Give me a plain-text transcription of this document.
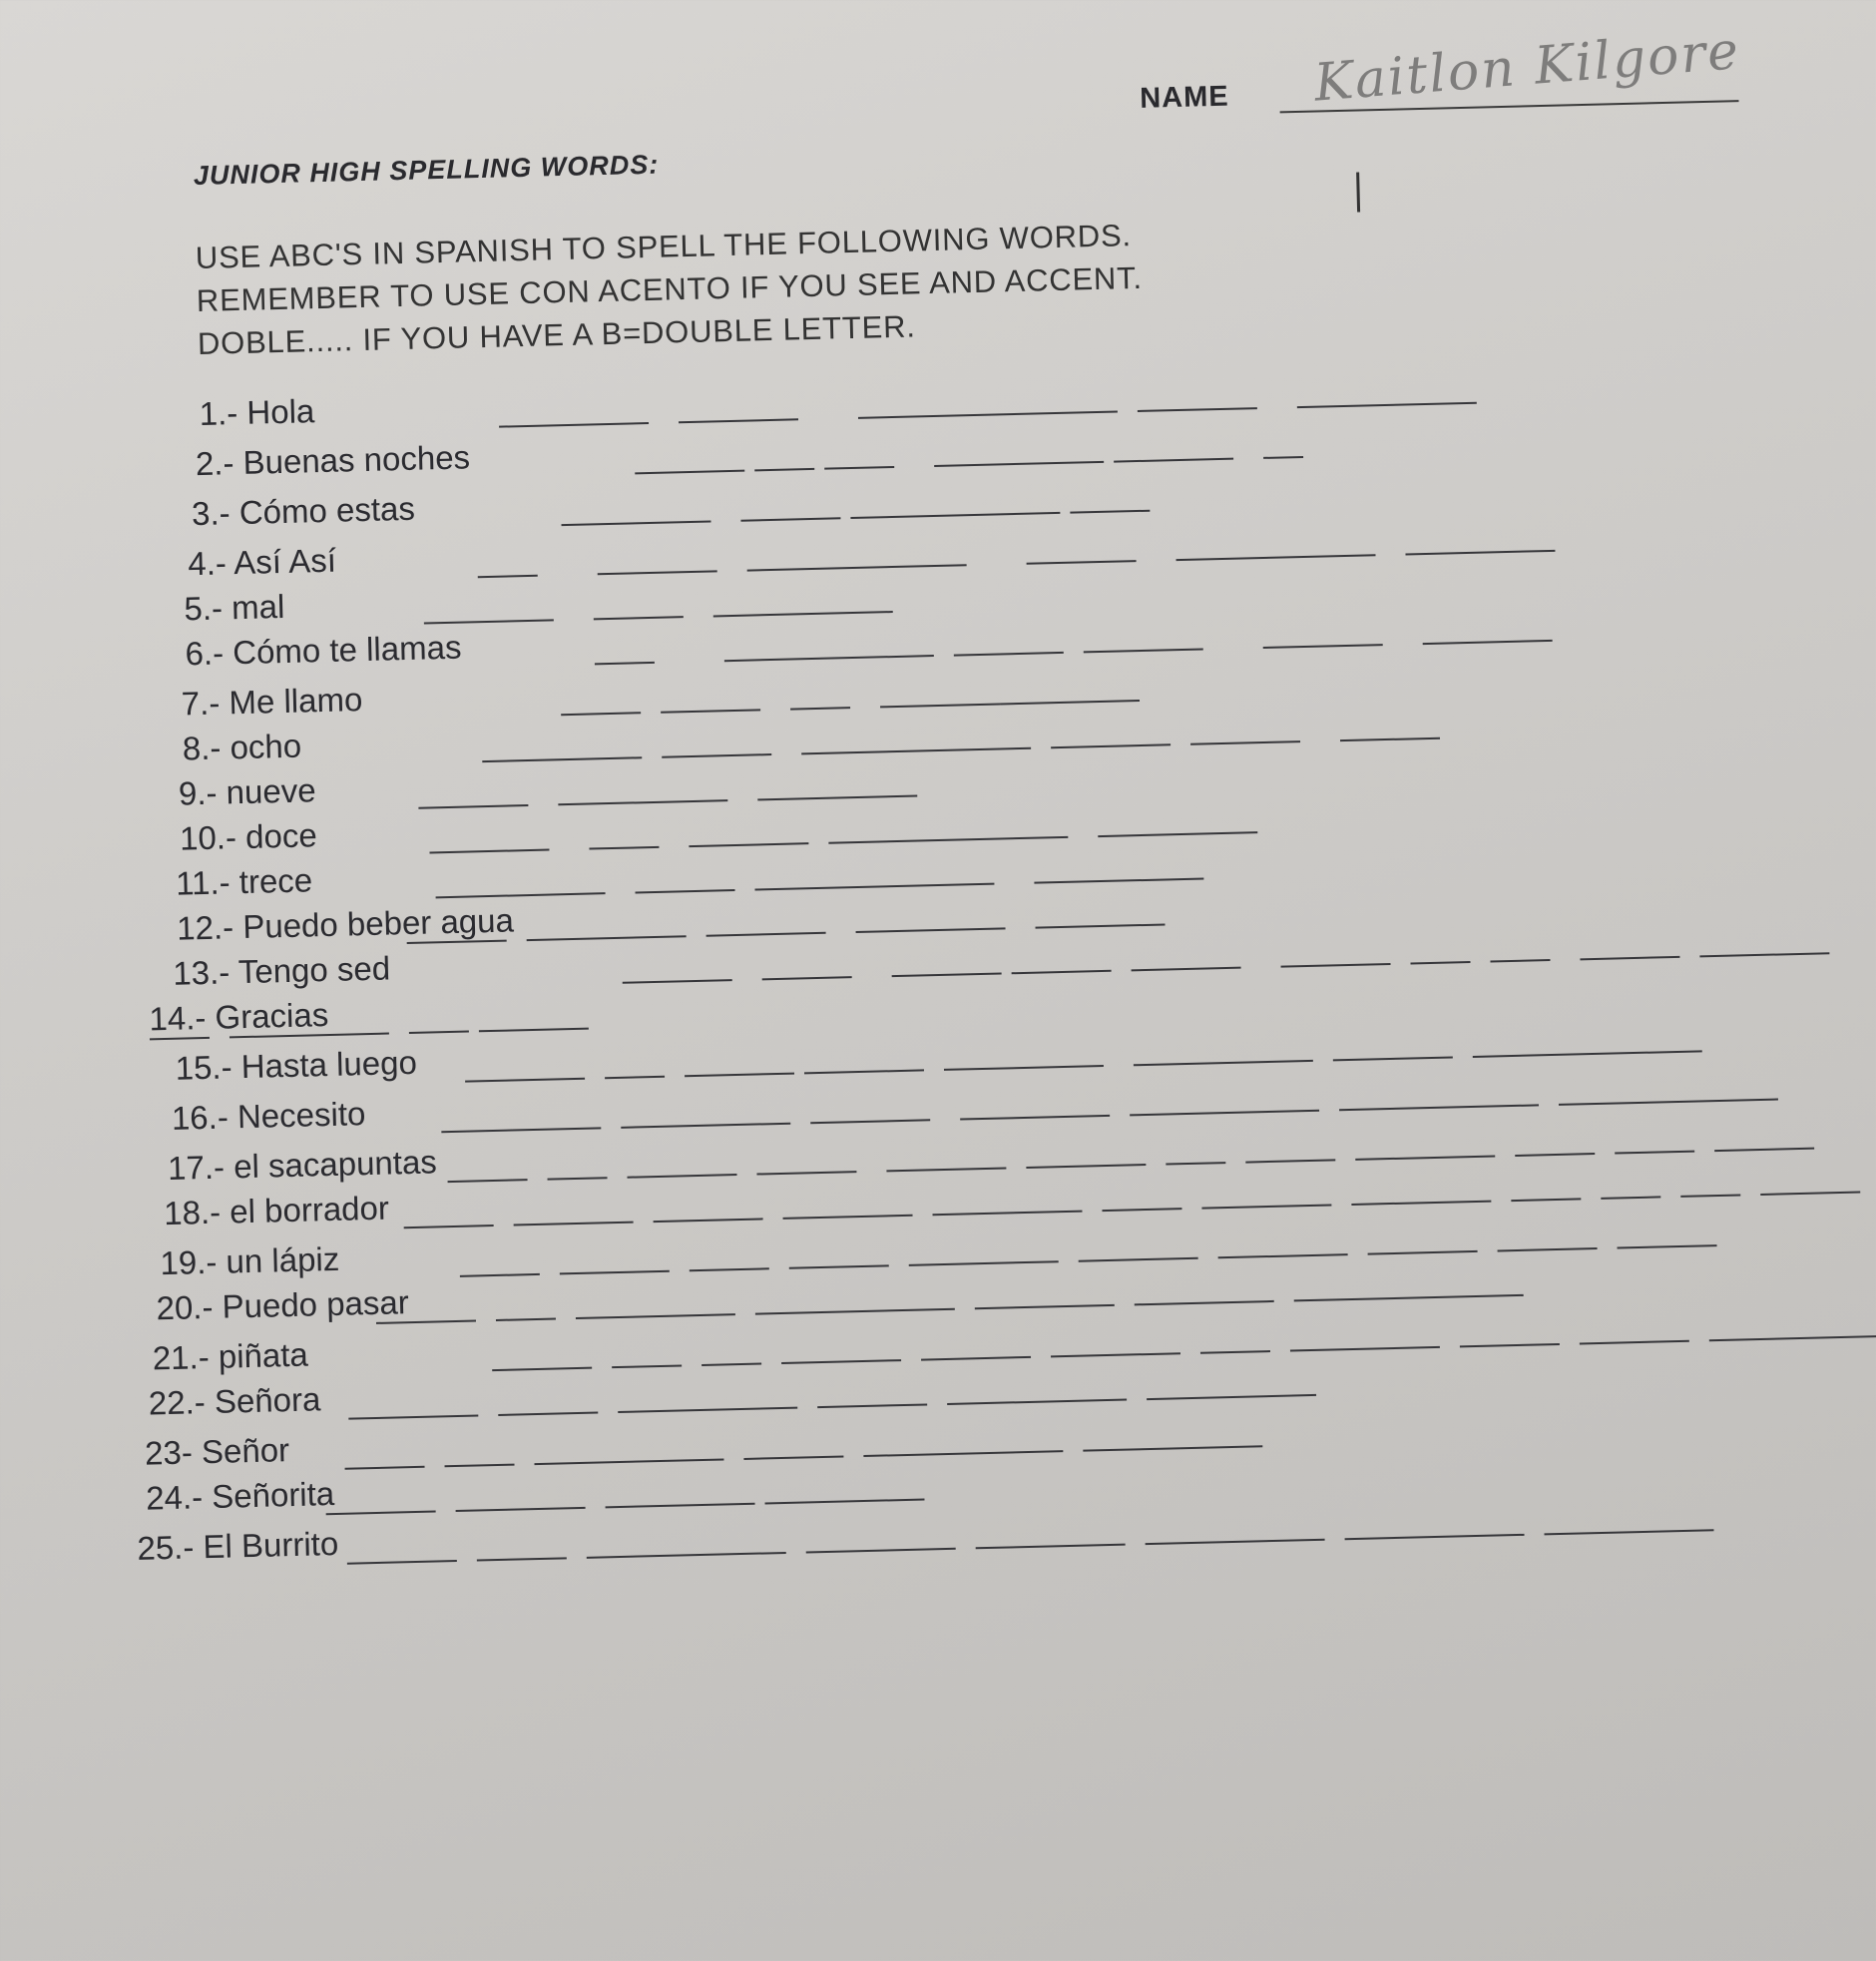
NAME Kaitlon Kilgore
JUNIOR HIGH SPELLING WORDS:
USE ABC'S IN SPANISH TO SPELL THE FOLLOWING WORDS.
REMEMBER TO USE CON ACENTO IF YOU SEE AND ACCENT.
DOBLE..... IF YOU HAVE A B=DOUBLE LETTER.
1.- Hola
2.- Buenas noches
3.- Cómo estas
4.- Así Así
5.- mal
6.- Cómo te llamas
7.- Me llamo
8.- ocho
9.- nueve
10.- doce
11.- trece
12.- Puedo beber agua
13.- Tengo sed
14.- Gracias
15.- Hasta luego
16.- Necesito
17.- el sacapuntas
18.- el borrador
19.- un lápiz
20.- Puedo pasar
21.- piñata
22.- Señora
23- Señor
24.- Señorita
25.- El Burrito
